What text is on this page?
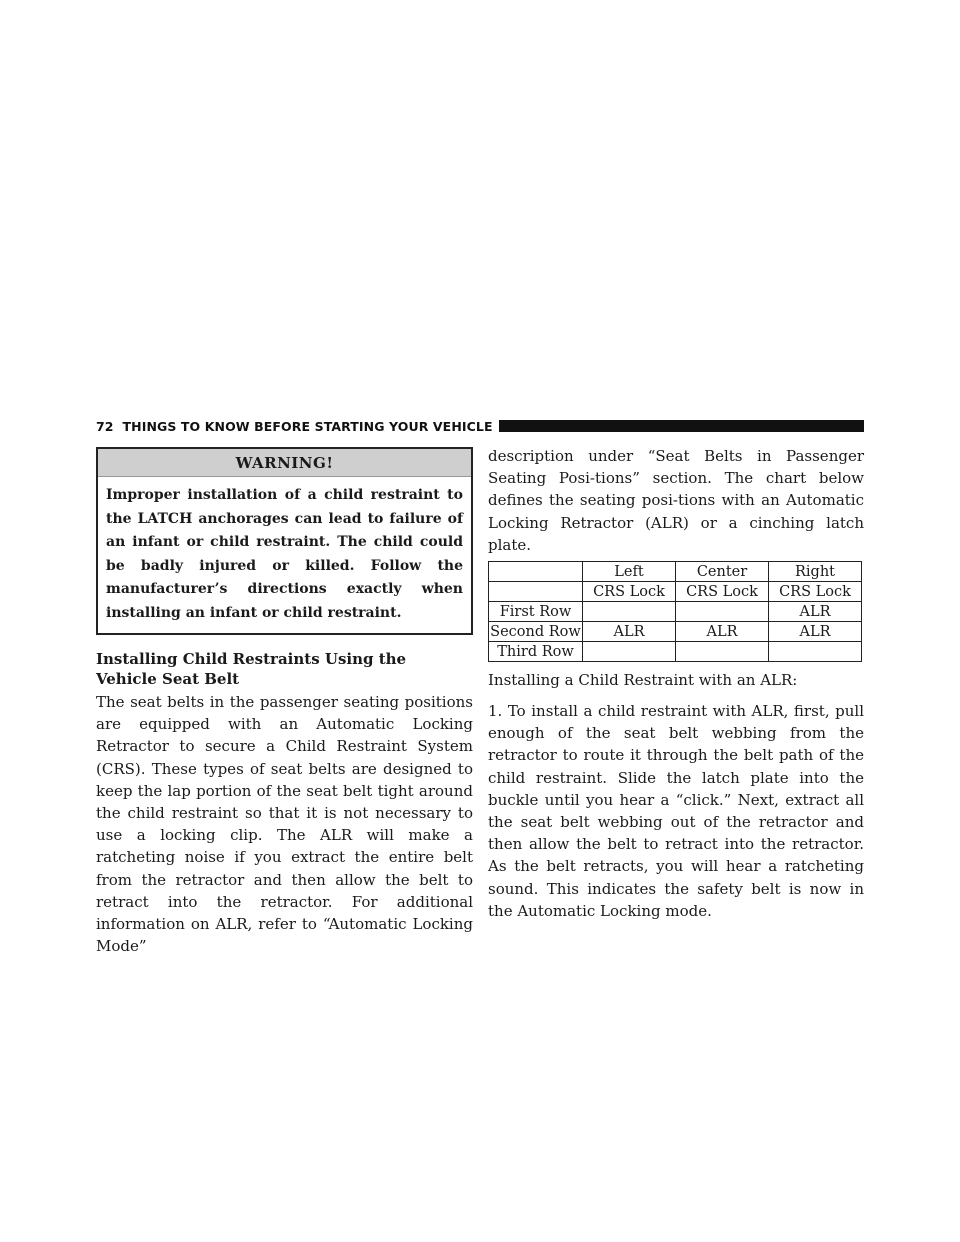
72 THINGS TO KNOW BEFORE STARTING YOUR VEHICLE
WARNING!
Improper installation of a child restraint to the LATCH anchorages can lead to failure of an infant or child restraint. The child could be badly injured or killed. Follow the manufacturer’s directions exactly when installing an infant or child restraint.
Installing Child Restraints Using the Vehicle Seat Belt
The seat belts in the passenger seating positions are equipped with an Automatic Locking Retractor to secure a Child Restraint System (CRS). These types of seat belts are designed to keep the lap portion of the seat belt tight around the child restraint so that it is not necessary to use a locking clip. The ALR will make a ratcheting noise if you extract the entire belt from the retractor and then allow the belt to retract into the retractor. For additional information on ALR, refer to “Automatic Locking Mode”
description under “Seat Belts in Passenger Seating Posi-tions” section. The chart below defines the seating posi-tions with an Automatic Locking Retractor (ALR) or a cinching latch plate.
	Left	Center	Right
	CRS Lock	CRS Lock	CRS Lock
First Row			ALR
Second Row	ALR	ALR	ALR
Third Row			
Installing a Child Restraint with an ALR:
1. To install a child restraint with ALR, first, pull enough of the seat belt webbing from the retractor to route it through the belt path of the child restraint. Slide the latch plate into the buckle until you hear a “click.” Next, extract all the seat belt webbing out of the retractor and then allow the belt to retract into the retractor. As the belt retracts, you will hear a ratcheting sound. This indicates the safety belt is now in the Automatic Locking mode.
